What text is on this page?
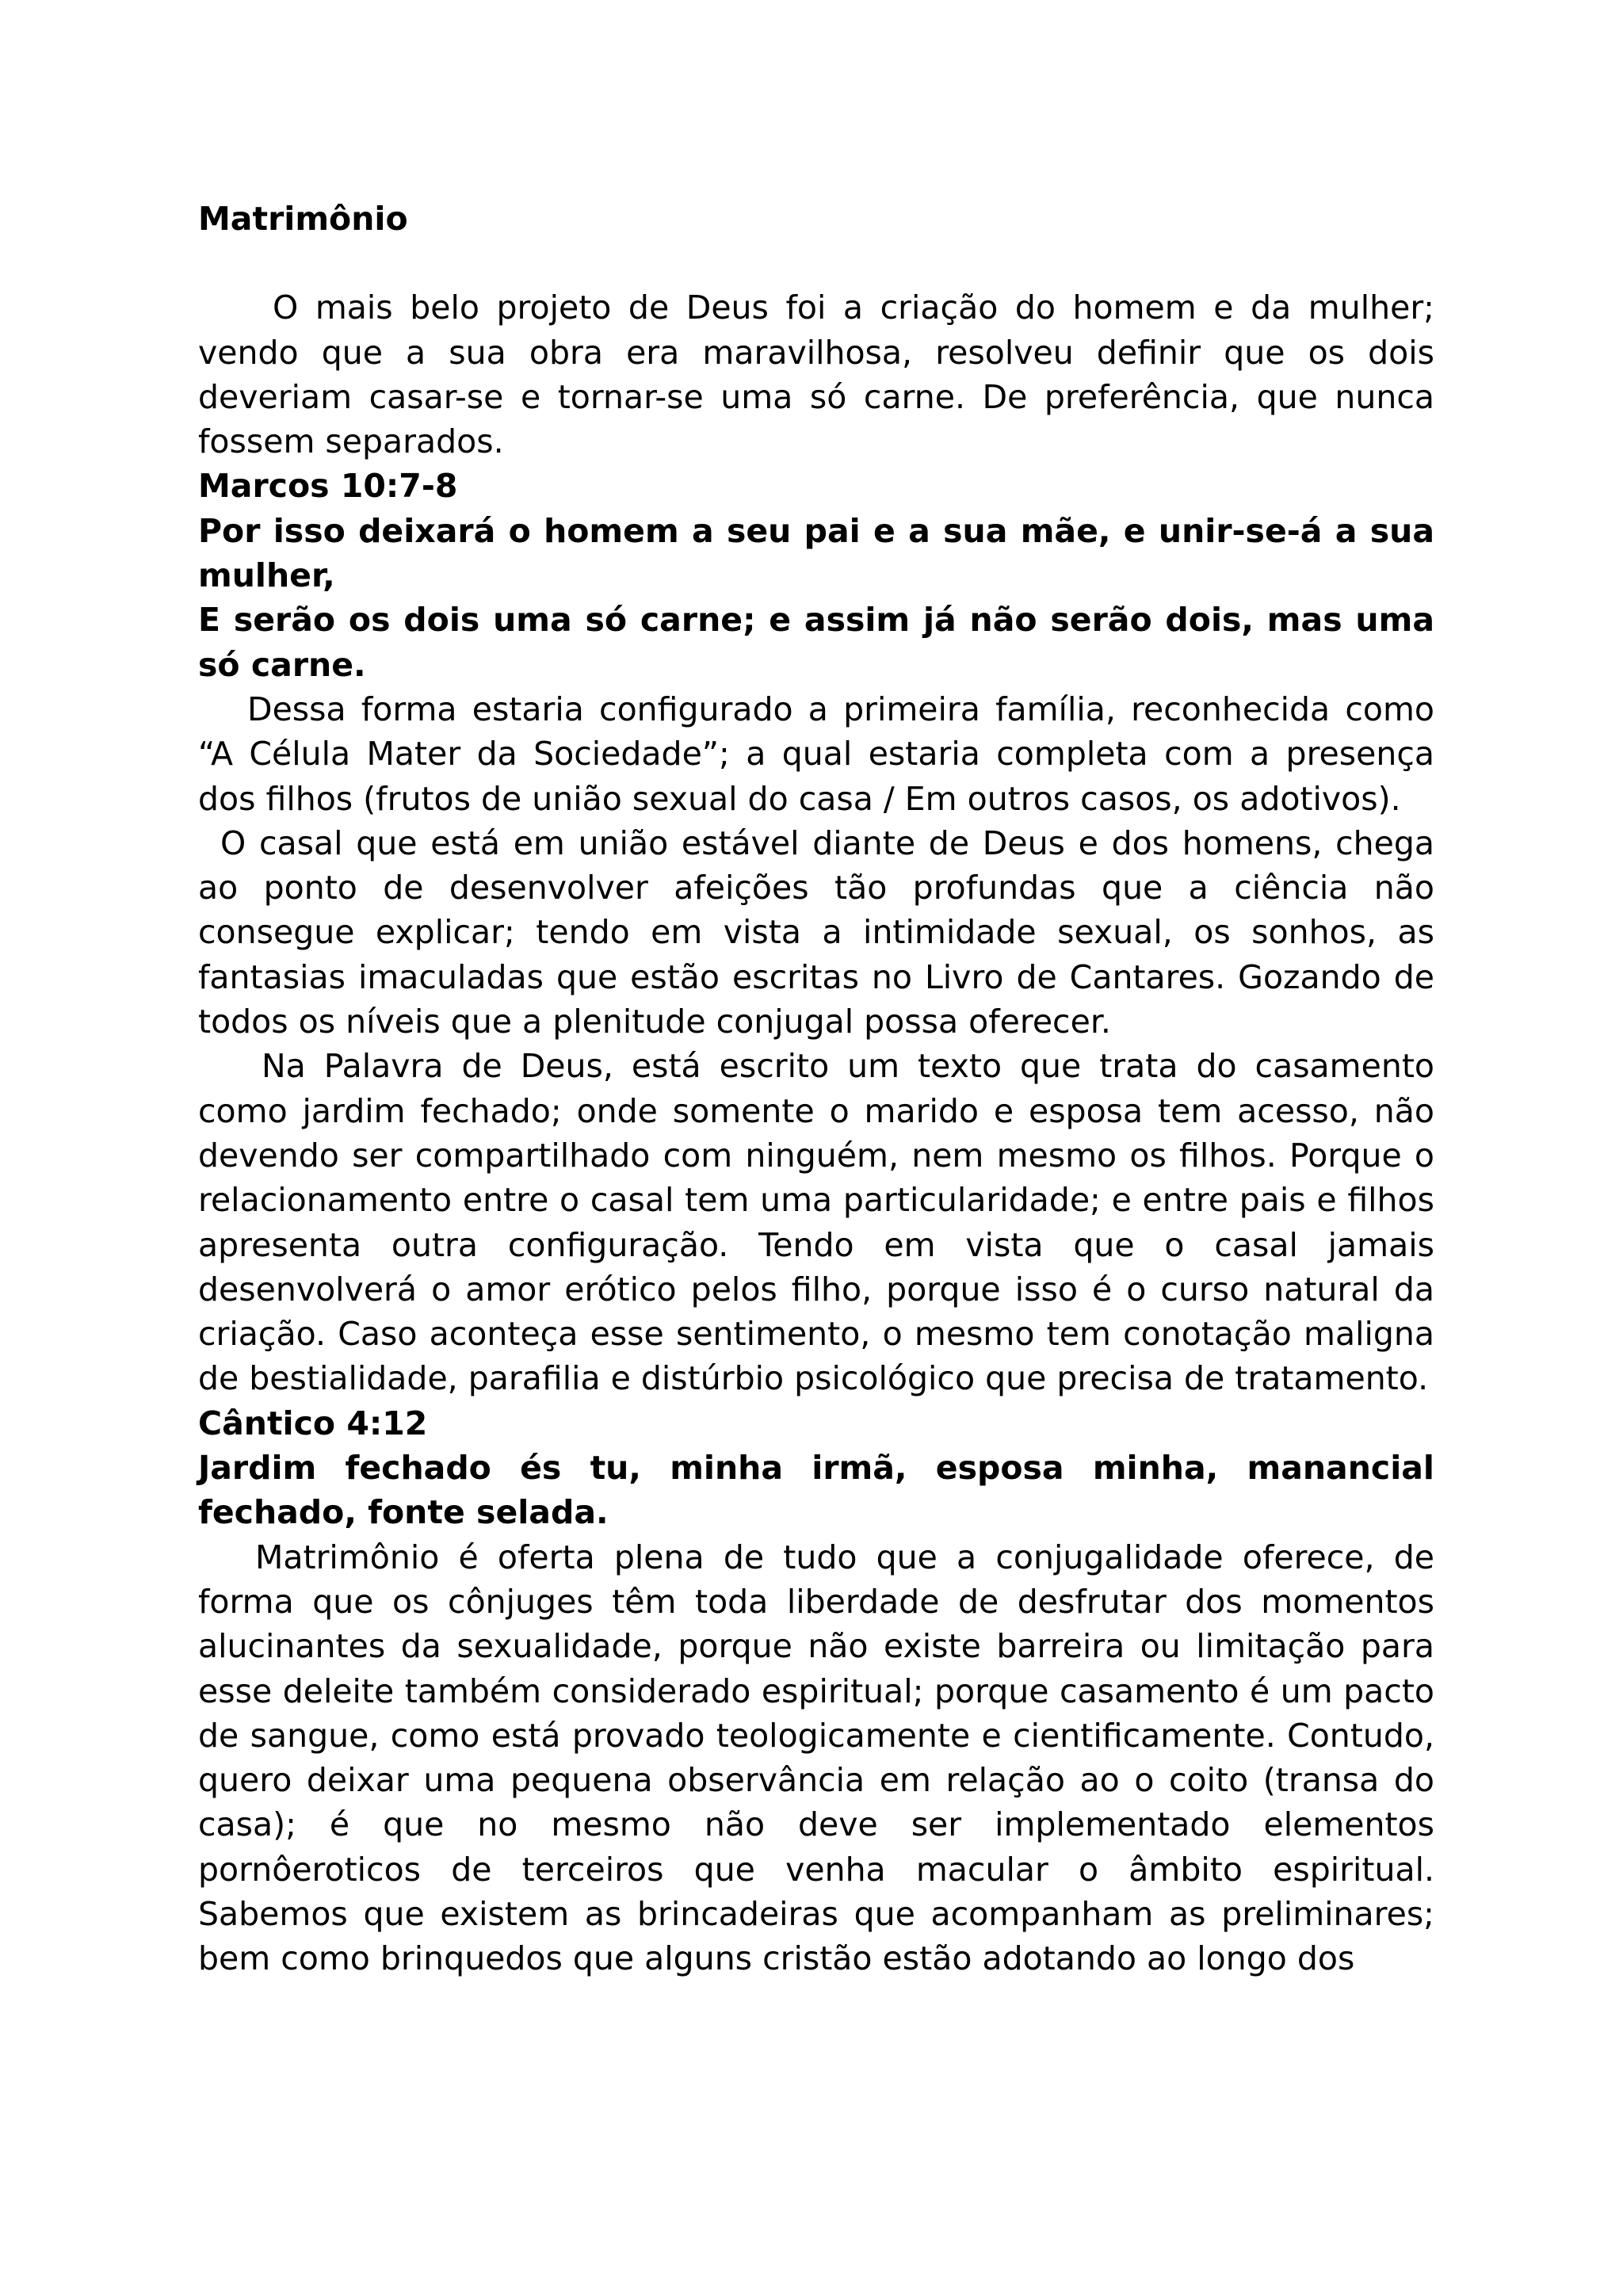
Matrimônio

O mais belo projeto de Deus foi a criação do homem e da mulher; vendo que a sua obra era maravilhosa, resolveu definir que os dois deveriam casar-se e tornar-se uma só carne. De preferência, que nunca fossem separados.

Marcos 10:7-8

Por isso deixará o homem a seu pai e a sua mãe, e unir-se-á a sua mulher,

E serão os dois uma só carne; e assim já não serão dois, mas uma só carne.

Dessa forma estaria configurado a primeira família, reconhecida como “A Célula Mater da Sociedade”; a qual estaria completa com a presença dos filhos (frutos de união sexual do casa / Em outros casos, os adotivos).

O casal que está em união estável diante de Deus e dos homens, chega ao ponto de desenvolver afeições tão profundas que a ciência não consegue explicar; tendo em vista a intimidade sexual, os sonhos, as fantasias imaculadas que estão escritas no Livro de Cantares. Gozando de todos os níveis que a plenitude conjugal possa oferecer.

Na Palavra de Deus, está escrito um texto que trata do casamento como jardim fechado; onde somente o marido e esposa tem acesso, não devendo ser compartilhado com ninguém, nem mesmo os filhos. Porque o relacionamento entre o casal tem uma particularidade; e entre pais e filhos apresenta outra configuração. Tendo em vista que o casal jamais desenvolverá o amor erótico pelos filho, porque isso é o curso natural da criação. Caso aconteça esse sentimento, o mesmo tem conotação maligna de bestialidade, parafilia e distúrbio psicológico que precisa de tratamento.

Cântico 4:12

Jardim fechado és tu, minha irmã, esposa minha, manancial fechado, fonte selada.

Matrimônio é oferta plena de tudo que a conjugalidade oferece, de forma que os cônjuges têm toda liberdade de desfrutar dos momentos alucinantes da sexualidade, porque não existe barreira ou limitação para esse deleite também considerado espiritual; porque casamento é um pacto de sangue, como está provado teologicamente e cientificamente. Contudo, quero deixar uma pequena observância em relação ao o coito (transa do casa); é que no mesmo não deve ser implementado elementos pornôeroticos de terceiros que venha macular o âmbito espiritual. Sabemos que existem as brincadeiras que acompanham as preliminares; bem como brinquedos que alguns cristão estão adotando ao longo dos
